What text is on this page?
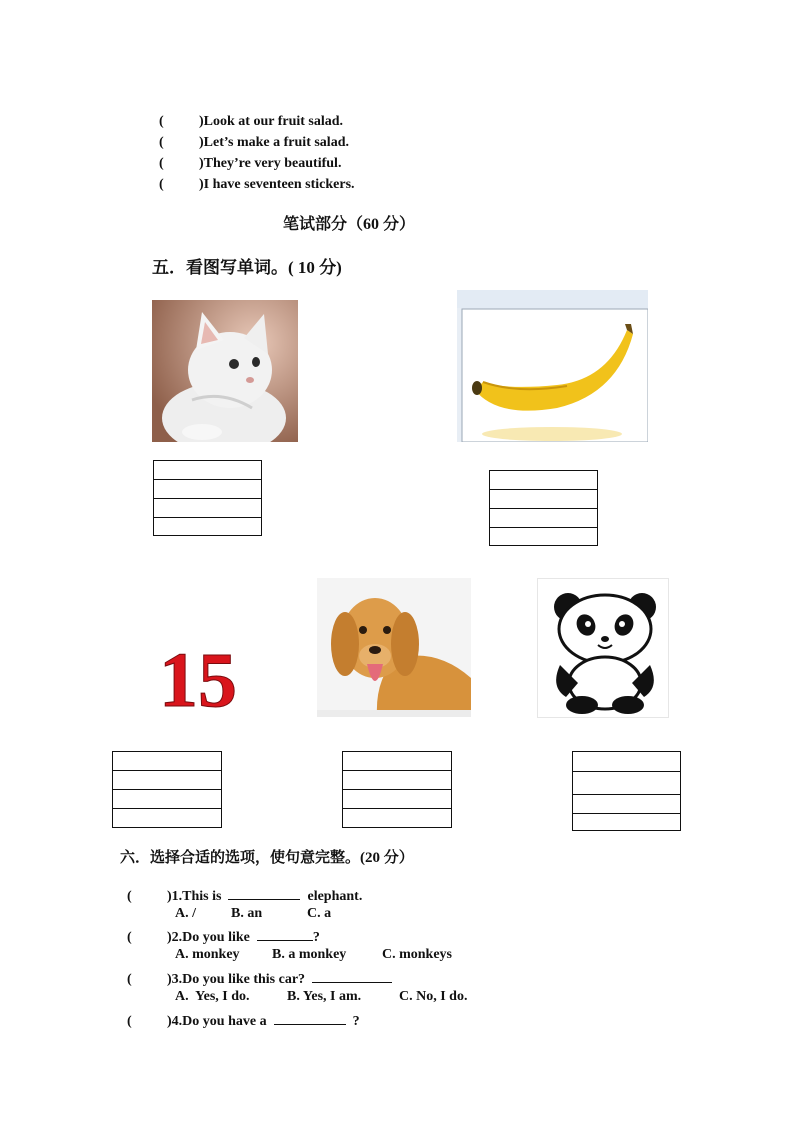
(	)Look at our fruit salad.

(	)Let’s make a fruit salad.

(	)They’re very beautiful.

(	)I have seventeen stickers.

笔试部分（60 分）
五．看图写单词。( 10 分)
15
六．选择合适的选项，使句意完整。(20 分）

(	)1.This is	elephant.

A. /	B. an	C. a

(	)2.Do you like	?

A. monkey B. a monkey	C. monkeys

(	)3.Do you like this car?

A.  Yes, I do.	B. Yes, I am.	C. No, I do.

(	)4.Do you have a	?
